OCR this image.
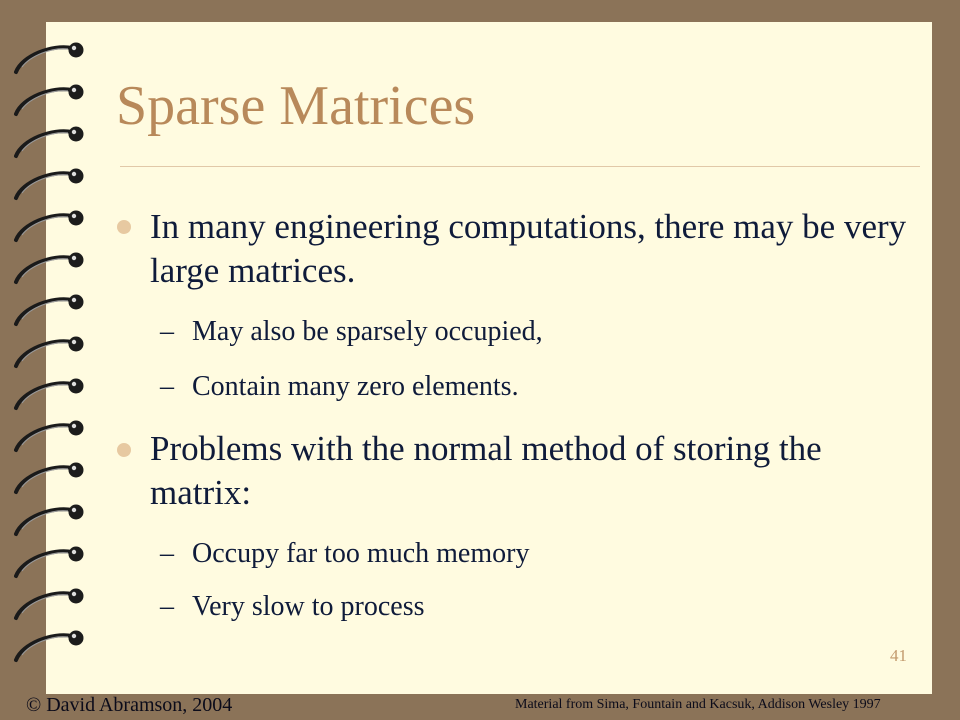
Sparse Matrices

In many engineering computations, there may be very large matrices.

– May also be sparsely occupied,

– Contain many zero elements.

Problems with the normal method of storing the matrix:

– Occupy far too much memory

– Very slow to process

41
© David Abramson, 2004	Material from Sima, Fountain and Kacsuk, Addison Wesley 1997
